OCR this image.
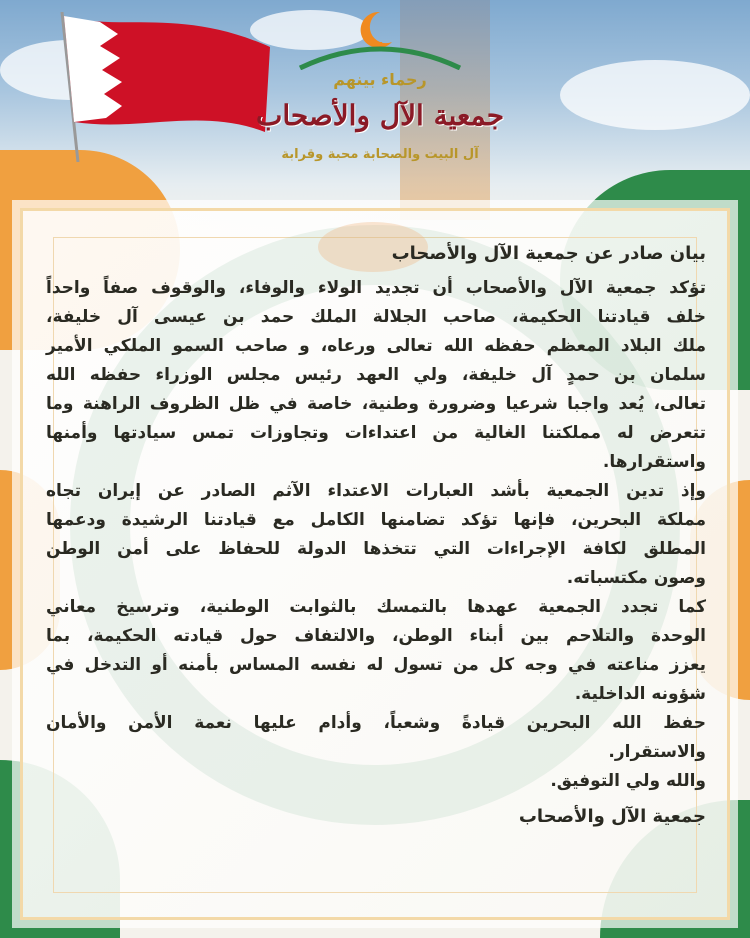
رحماء بينهم
جمعية الآل والأصحاب
آل البيت والصحابة محبة وقرابة
بيان صادر عن جمعية الآل والأصحاب
تؤكد جمعية الآل والأصحاب أن تجديد الولاء والوفاء، والوقوف صفاً واحداً
خلف قيادتنا الحكيمة، صاحب الجلالة الملك حمد بن عيسى آل خليفة،
ملك البلاد المعظم حفظه الله تعالى ورعاه، و صاحب السمو الملكي الأمير
سلمان بن حمدٍ آل خليفة، ولي العهد رئيس مجلس الوزراء حفظه الله
تعالى، يُعد واجبا شرعيا وضرورة وطنية، خاصة في ظل الظروف الراهنة وما
تتعرض له مملكتنا الغالية من اعتداءات وتجاوزات تمس سيادتها وأمنها
واستقرارها.
وإذ تدين الجمعية بأشد العبارات الاعتداء الآثم الصادر عن إيران تجاه
مملكة البحرين، فإنها تؤكد تضامنها الكامل مع قيادتنا الرشيدة ودعمها
المطلق لكافة الإجراءات التي تتخذها الدولة للحفاظ على أمن الوطن
وصون مكتسباته.
كما تجدد الجمعية عهدها بالتمسك بالثوابت الوطنية، وترسيخ معاني
الوحدة والتلاحم بين أبناء الوطن، والالتفاف حول قيادته الحكيمة، بما
يعزز مناعته في وجه كل من تسول له نفسه المساس بأمنه أو التدخل في
شؤونه الداخلية.
حفظ الله البحرين قيادةً وشعباً، وأدام عليها نعمة الأمن والأمان
والاستقرار.
والله ولي التوفيق.
جمعية الآل والأصحاب
